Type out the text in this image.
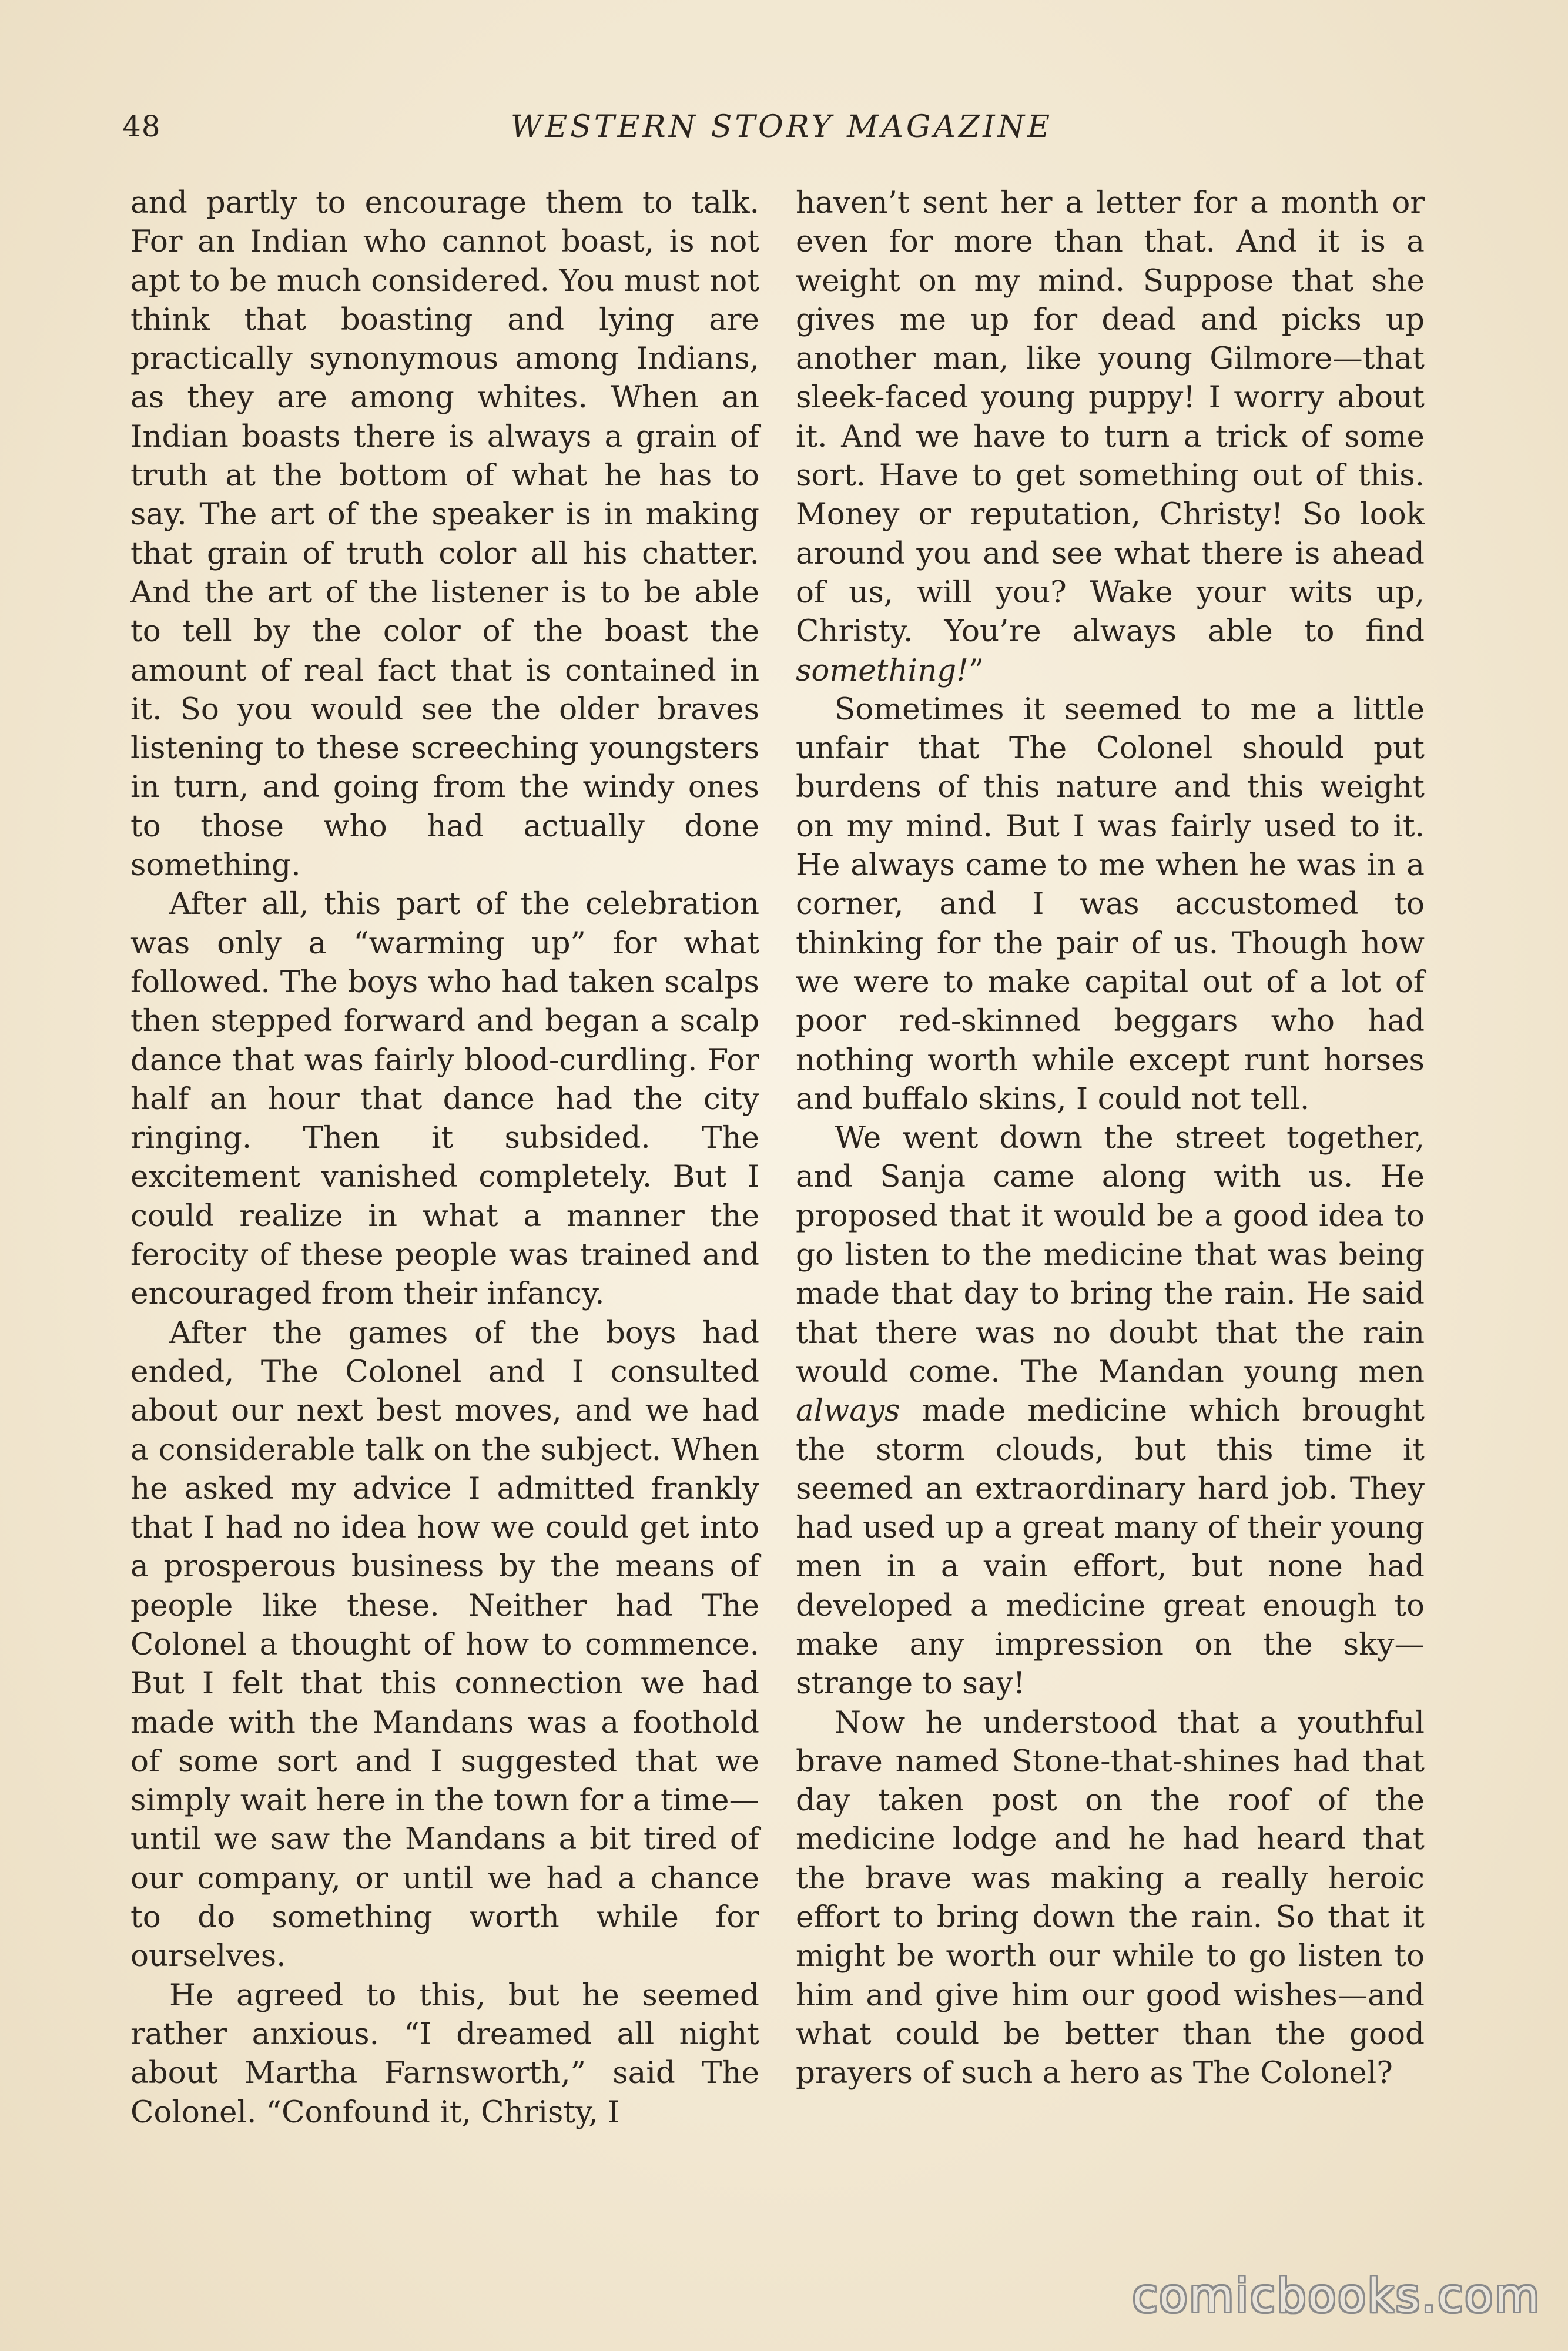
48	WESTERN STORY MAGAZINE

and partly to encourage them to talk. For an Indian who cannot boast, is not apt to be much considered. You must not think that boasting and lying are practically synonymous among Indians, as they are among whites. When an Indian boasts there is always a grain of truth at the bottom of what he has to say. The art of the speaker is in making that grain of truth color all his chatter. And the art of the listener is to be able to tell by the color of the boast the amount of real fact that is contained in it. So you would see the older braves listening to these screeching youngsters in turn, and going from the windy ones to those who had actually done something.

After all, this part of the celebration was only a “warming up” for what followed. The boys who had taken scalps then stepped forward and began a scalp dance that was fairly blood-curdling. For half an hour that dance had the city ringing. Then it subsided. The excitement vanished completely. But I could realize in what a manner the ferocity of these people was trained and encouraged from their infancy.

After the games of the boys had ended, The Colonel and I consulted about our next best moves, and we had a considerable talk on the subject. When he asked my advice I admitted frankly that I had no idea how we could get into a prosperous business by the means of people like these. Neither had The Colonel a thought of how to commence. But I felt that this connection we had made with the Mandans was a foothold of some sort and I suggested that we simply wait here in the town for a time—until we saw the Mandans a bit tired of our company, or until we had a chance to do something worth while for ourselves.

He agreed to this, but he seemed rather anxious. “I dreamed all night about Martha Farnsworth,” said The Colonel. “Confound it, Christy, I

haven’t sent her a letter for a month or even for more than that. And it is a weight on my mind. Suppose that she gives me up for dead and picks up another man, like young Gilmore—that sleek-faced young puppy! I worry about it. And we have to turn a trick of some sort. Have to get something out of this. Money or reputation, Christy! So look around you and see what there is ahead of us, will you? Wake your wits up, Christy. You’re always able to find something!”

Sometimes it seemed to me a little unfair that The Colonel should put burdens of this nature and this weight on my mind. But I was fairly used to it. He always came to me when he was in a corner, and I was accustomed to thinking for the pair of us. Though how we were to make capital out of a lot of poor red-skinned beggars who had nothing worth while except runt horses and buffalo skins, I could not tell.

We went down the street together, and Sanja came along with us. He proposed that it would be a good idea to go listen to the medicine that was being made that day to bring the rain. He said that there was no doubt that the rain would come. The Mandan young men always made medicine which brought the storm clouds, but this time it seemed an extraordinary hard job. They had used up a great many of their young men in a vain effort, but none had developed a medicine great enough to make any impression on the sky—strange to say!

Now he understood that a youthful brave named Stone-that-shines had that day taken post on the roof of the medicine lodge and he had heard that the brave was making a really heroic effort to bring down the rain. So that it might be worth our while to go listen to him and give him our good wishes—and what could be better than the good prayers of such a hero as The Colonel?

comicbooks.com
